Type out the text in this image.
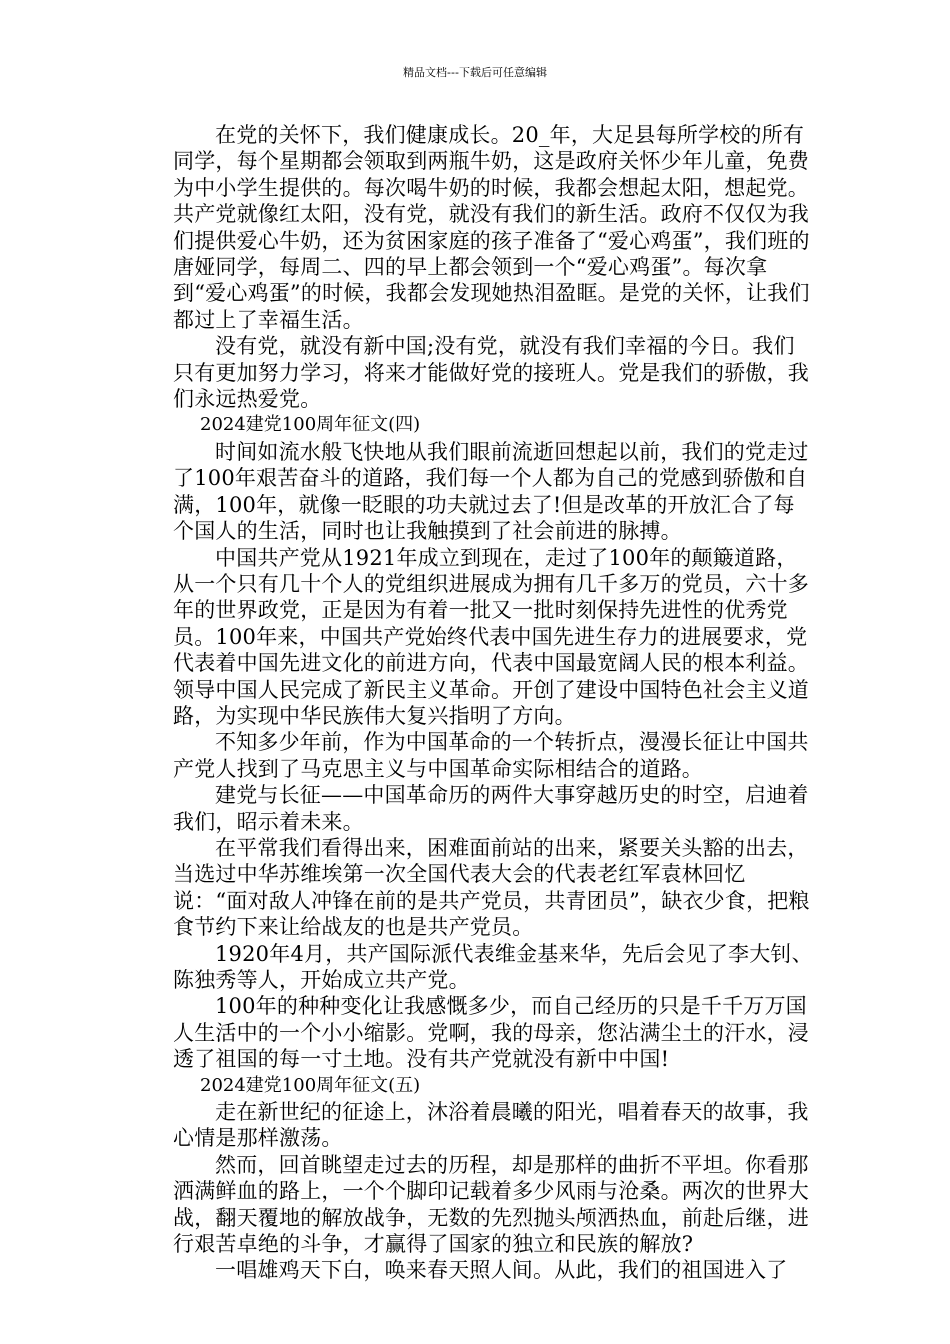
精品文档---下载后可任意编辑

在党的关怀下，我们健康成长。20_年，大足县每所学校的所有同学，每个星期都会领取到两瓶牛奶，这是政府关怀少年儿童，免费为中小学生提供的。每次喝牛奶的时候，我都会想起太阳，想起党。共产党就像红太阳，没有党，就没有我们的新生活。政府不仅仅为我们提供爱心牛奶，还为贫困家庭的孩子准备了“爱心鸡蛋”，我们班的唐娅同学，每周二、四的早上都会领到一个“爱心鸡蛋”。每次拿到“爱心鸡蛋”的时候，我都会发现她热泪盈眶。是党的关怀，让我们都过上了幸福生活。

没有党，就没有新中国;没有党，就没有我们幸福的今日。我们只有更加努力学习，将来才能做好党的接班人。党是我们的骄傲，我们永远热爱党。

2024建党100周年征文(四)

时间如流水般飞快地从我们眼前流逝回想起以前，我们的党走过了100年艰苦奋斗的道路，我们每一个人都为自己的党感到骄傲和自满，100年，就像一眨眼的功夫就过去了!但是改革的开放汇合了每个国人的生活，同时也让我触摸到了社会前进的脉搏。

中国共产党从1921年成立到现在，走过了100年的颠簸道路，从一个只有几十个人的党组织进展成为拥有几千多万的党员，六十多年的世界政党，正是因为有着一批又一批时刻保持先进性的优秀党员。100年来，中国共产党始终代表中国先进生存力的进展要求，党代表着中国先进文化的前进方向，代表中国最宽阔人民的根本利益。领导中国人民完成了新民主义革命。开创了建设中国特色社会主义道路，为实现中华民族伟大复兴指明了方向。

不知多少年前，作为中国革命的一个转折点，漫漫长征让中国共产党人找到了马克思主义与中国革命实际相结合的道路。

建党与长征——中国革命历的两件大事穿越历史的时空，启迪着我们，昭示着未来。

在平常我们看得出来，困难面前站的出来，紧要关头豁的出去，当选过中华苏维埃第一次全国代表大会的代表老红军袁林回忆说：“面对敌人冲锋在前的是共产党员，共青团员”，缺衣少食，把粮食节约下来让给战友的也是共产党员。

1920年4月，共产国际派代表维金基来华，先后会见了李大钊、陈独秀等人，开始成立共产党。

100年的种种变化让我感慨多少，而自己经历的只是千千万万国人生活中的一个小小缩影。党啊，我的母亲，您沾满尘土的汗水，浸透了祖国的每一寸土地。没有共产党就没有新中中国!

2024建党100周年征文(五)

走在新世纪的征途上，沐浴着晨曦的阳光，唱着春天的故事，我心情是那样激荡。

然而，回首眺望走过去的历程，却是那样的曲折不平坦。你看那洒满鲜血的路上，一个个脚印记载着多少风雨与沧桑。两次的世界大战，翻天覆地的解放战争，无数的先烈抛头颅洒热血，前赴后继，进行艰苦卓绝的斗争，才赢得了国家的独立和民族的解放?

一唱雄鸡天下白，唤来春天照人间。从此，我们的祖国进入了
